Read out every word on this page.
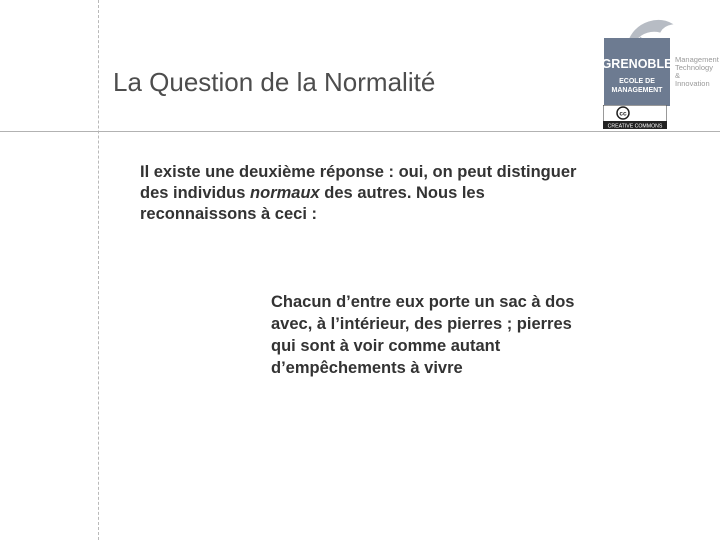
La Question de la Normalité
Il existe une deuxième réponse : oui, on peut distinguer des individus normaux des autres. Nous les reconnaissons à ceci :
Chacun d’entre eux porte un sac à dos avec, à l’intérieur, des pierres ; pierres qui sont à voir comme autant d’empêchements à vivre
GRENOBLE
ECOLE DE
MANAGEMENT
Management
Technology &
Innovation
cc
CREATIVE COMMONS
